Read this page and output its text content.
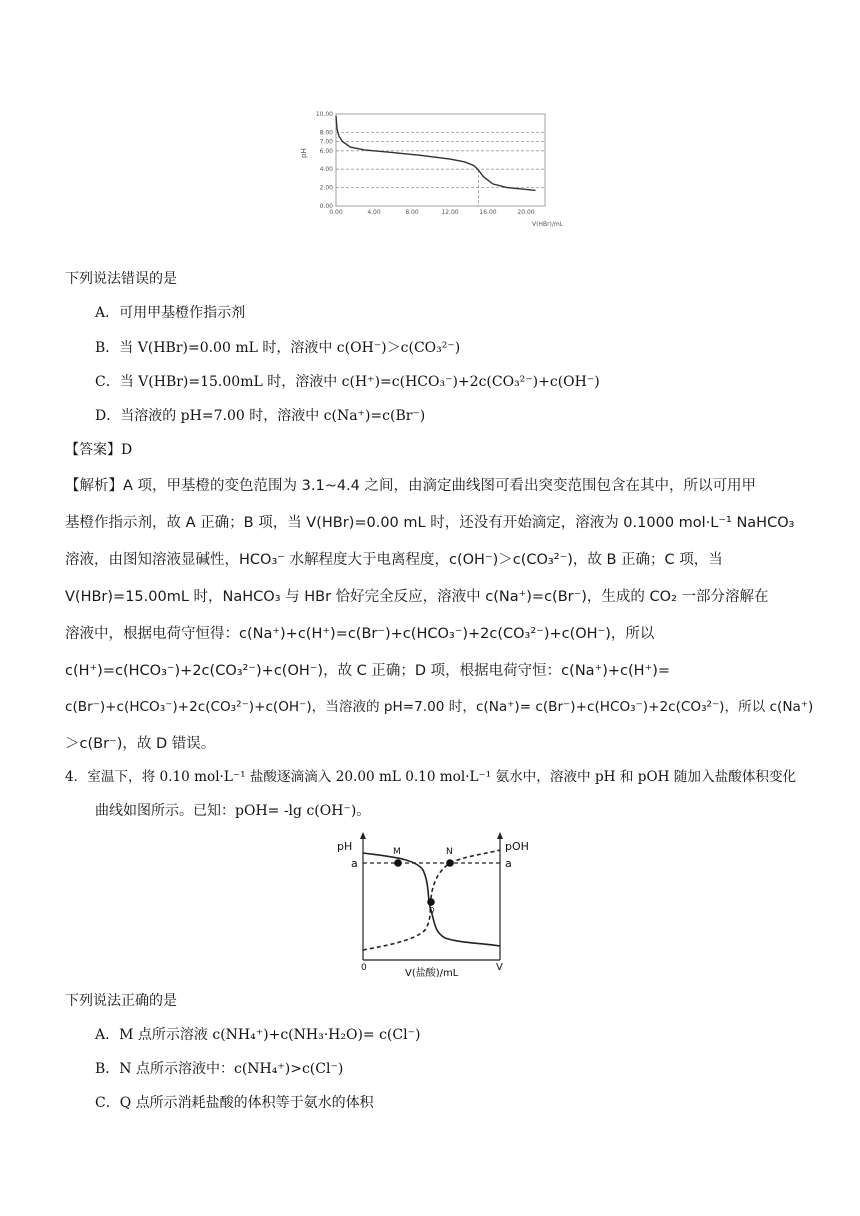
0.00
2.00
4.00
6.00
7.00
8.00
10.00
0.00	4.00	8.00	12.00	16.00	20.00
pH
V(HBr)/mL
下列说法错误的是
A．可用甲基橙作指示剂
B．当 V(HBr)=0.00 mL 时，溶液中 c(OH⁻)＞c(CO₃²⁻)
C．当 V(HBr)=15.00mL 时，溶液中 c(H⁺)=c(HCO₃⁻)+2c(CO₃²⁻)+c(OH⁻)
D．当溶液的 pH=7.00 时，溶液中 c(Na⁺)=c(Br⁻)
【答案】D
【解析】A 项，甲基橙的变色范围为 3.1~4.4 之间，由滴定曲线图可看出突变范围包含在其中，所以可用甲
基橙作指示剂，故 A 正确；B 项，当 V(HBr)=0.00 mL 时，还没有开始滴定，溶液为 0.1000 mol·L⁻¹ NaHCO₃
溶液，由图知溶液显碱性，HCO₃⁻ 水解程度大于电离程度，c(OH⁻)＞c(CO₃²⁻)，故 B 正确；C 项，当
V(HBr)=15.00mL 时，NaHCO₃ 与 HBr 恰好完全反应，溶液中 c(Na⁺)=c(Br⁻)，生成的 CO₂ 一部分溶解在
溶液中，根据电荷守恒得：c(Na⁺)+c(H⁺)=c(Br⁻)+c(HCO₃⁻)+2c(CO₃²⁻)+c(OH⁻)，所以
c(H⁺)=c(HCO₃⁻)+2c(CO₃²⁻)+c(OH⁻)，故 C 正确；D 项，根据电荷守恒：c(Na⁺)+c(H⁺)=
c(Br⁻)+c(HCO₃⁻)+2c(CO₃²⁻)+c(OH⁻)，当溶液的 pH=7.00 时，c(Na⁺)= c(Br⁻)+c(HCO₃⁻)+2c(CO₃²⁻)，所以 c(Na⁺)
＞c(Br⁻)，故 D 错误。
4．室温下，将 0.10 mol·L⁻¹ 盐酸逐滴滴入 20.00 mL 0.10 mol·L⁻¹ 氨水中，溶液中 pH 和 pOH 随加入盐酸体积变化
曲线如图所示。已知：pOH= -lg c(OH⁻)。
pH	pOH
a	a
M	N
Q
0	V
V(盐酸)/mL
下列说法正确的是
A．M 点所示溶液 c(NH₄⁺)+c(NH₃·H₂O)= c(Cl⁻)
B．N 点所示溶液中：c(NH₄⁺)>c(Cl⁻)
C．Q 点所示消耗盐酸的体积等于氨水的体积
